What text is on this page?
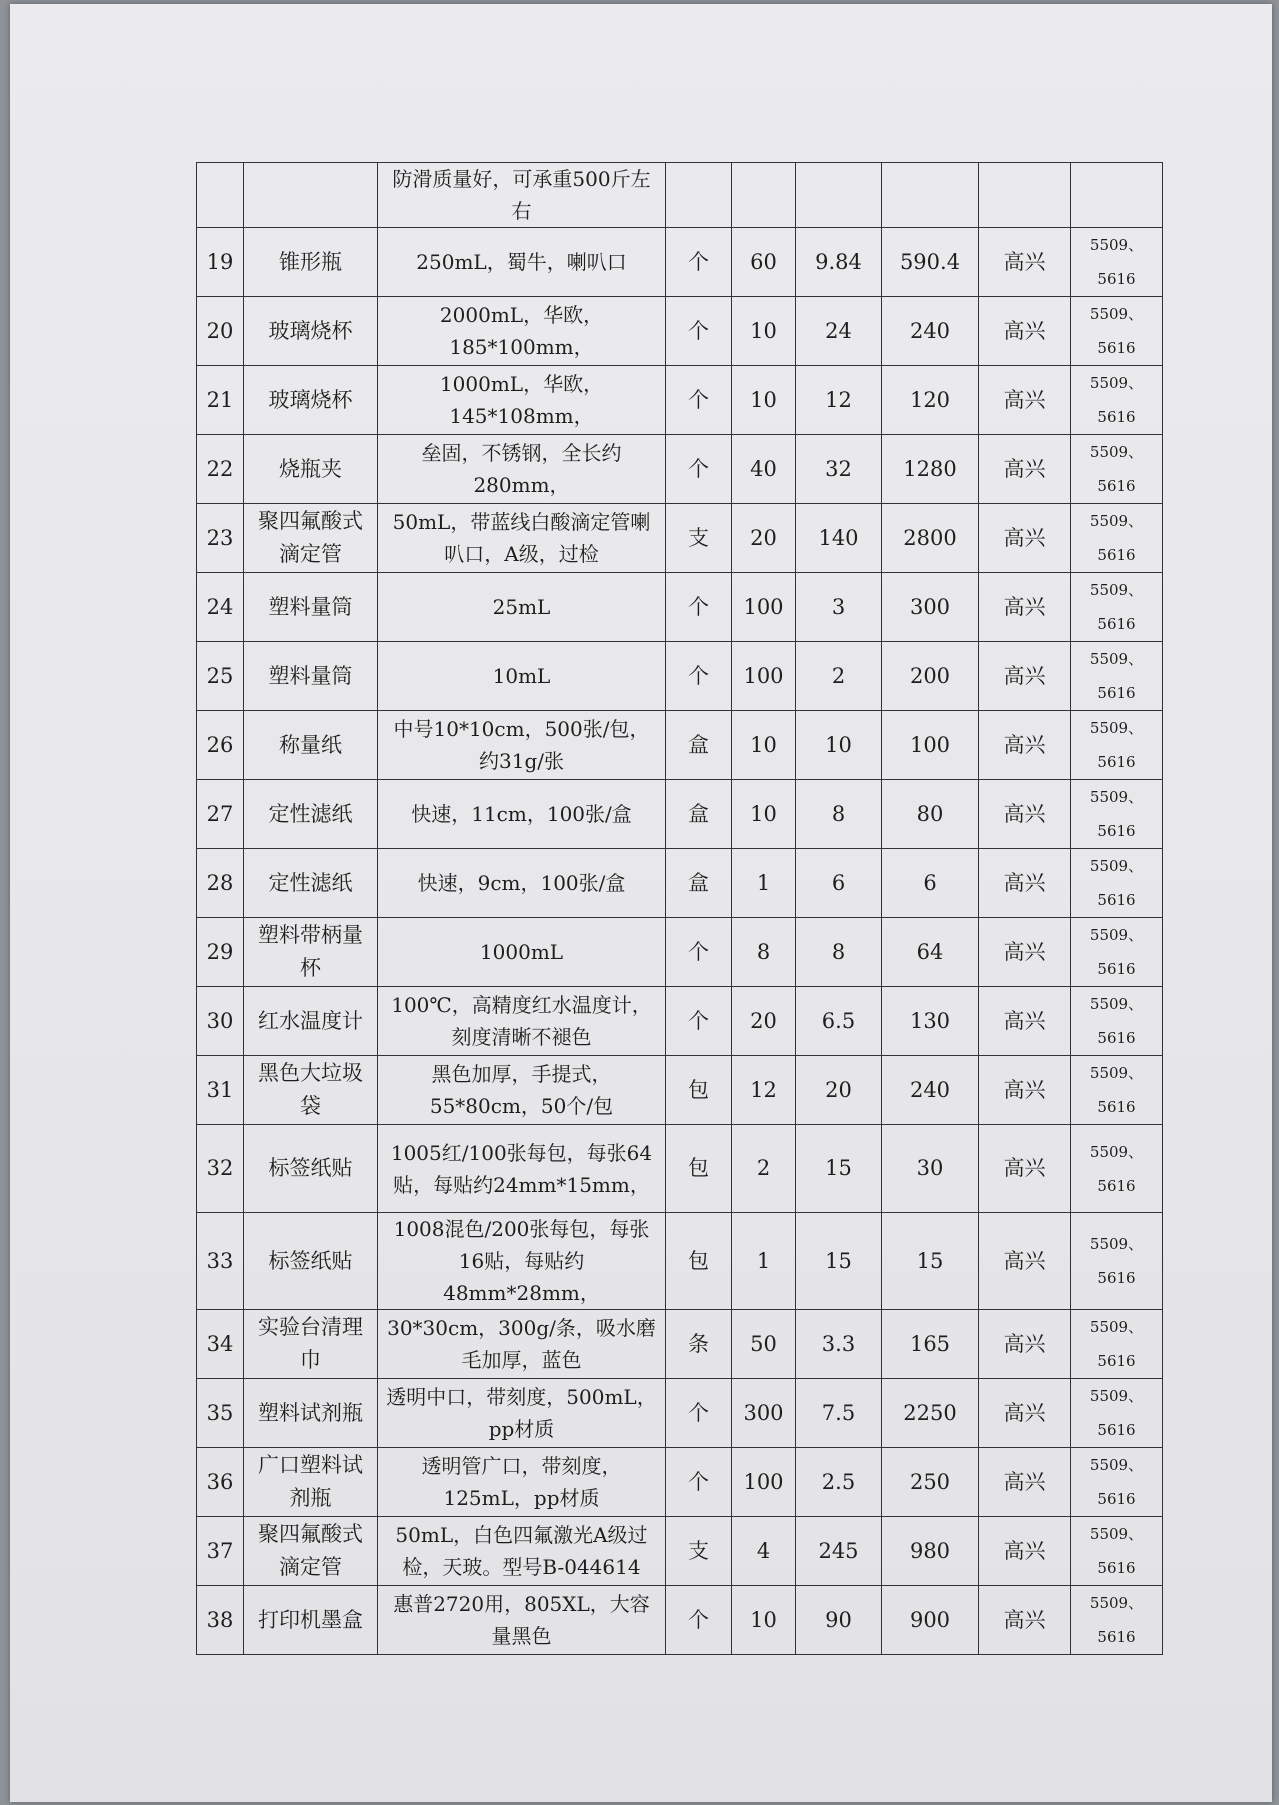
		防滑质量好，可承重500斤左右						

19	锥形瓶	250mL，蜀牛，喇叭口	个	60	9.84	590.4	高兴	5509、
5616

20	玻璃烧杯	2000mL，华欧，185*100mm，	个	10	24	240	高兴	5509、
5616

21	玻璃烧杯	1000mL，华欧，145*108mm，	个	10	12	120	高兴	5509、
5616

22	烧瓶夹	垒固，不锈钢，全长约280mm，	个	40	32	1280	高兴	5509、
5616

23	聚四氟酸式滴定管	50mL，带蓝线白酸滴定管喇叭口，A级，过检	支	20	140	2800	高兴	5509、
5616

24	塑料量筒	25mL	个	100	3	300	高兴	5509、
5616

25	塑料量筒	10mL	个	100	2	200	高兴	5509、
5616

26	称量纸	中号10*10cm，500张/包，约31g/张	盒	10	10	100	高兴	5509、
5616

27	定性滤纸	快速，11cm，100张/盒	盒	10	8	80	高兴	5509、
5616

28	定性滤纸	快速，9cm，100张/盒	盒	1	6	6	高兴	5509、
5616

29	塑料带柄量杯	1000mL	个	8	8	64	高兴	5509、
5616

30	红水温度计	100℃，高精度红水温度计，刻度清晰不褪色	个	20	6.5	130	高兴	5509、
5616

31	黑色大垃圾袋	黑色加厚，手提式，55*80cm，50个/包	包	12	20	240	高兴	5509、
5616

32	标签纸贴	1005红/100张每包，每张64贴，每贴约24mm*15mm，	包	2	15	30	高兴	5509、
5616

33	标签纸贴	1008混色/200张每包，每张16贴，每贴约48mm*28mm，	包	1	15	15	高兴	5509、
5616

34	实验台清理巾	30*30cm，300g/条，吸水磨毛加厚，蓝色	条	50	3.3	165	高兴	5509、
5616

35	塑料试剂瓶	透明中口，带刻度，500mL，pp材质	个	300	7.5	2250	高兴	5509、
5616

36	广口塑料试剂瓶	透明管广口，带刻度，125mL，pp材质	个	100	2.5	250	高兴	5509、
5616

37	聚四氟酸式滴定管	50mL，白色四氟激光A级过检，天玻。型号B-044614	支	4	245	980	高兴	5509、
5616

38	打印机墨盒	惠普2720用，805XL，大容量黑色	个	10	90	900	高兴	5509、
5616
